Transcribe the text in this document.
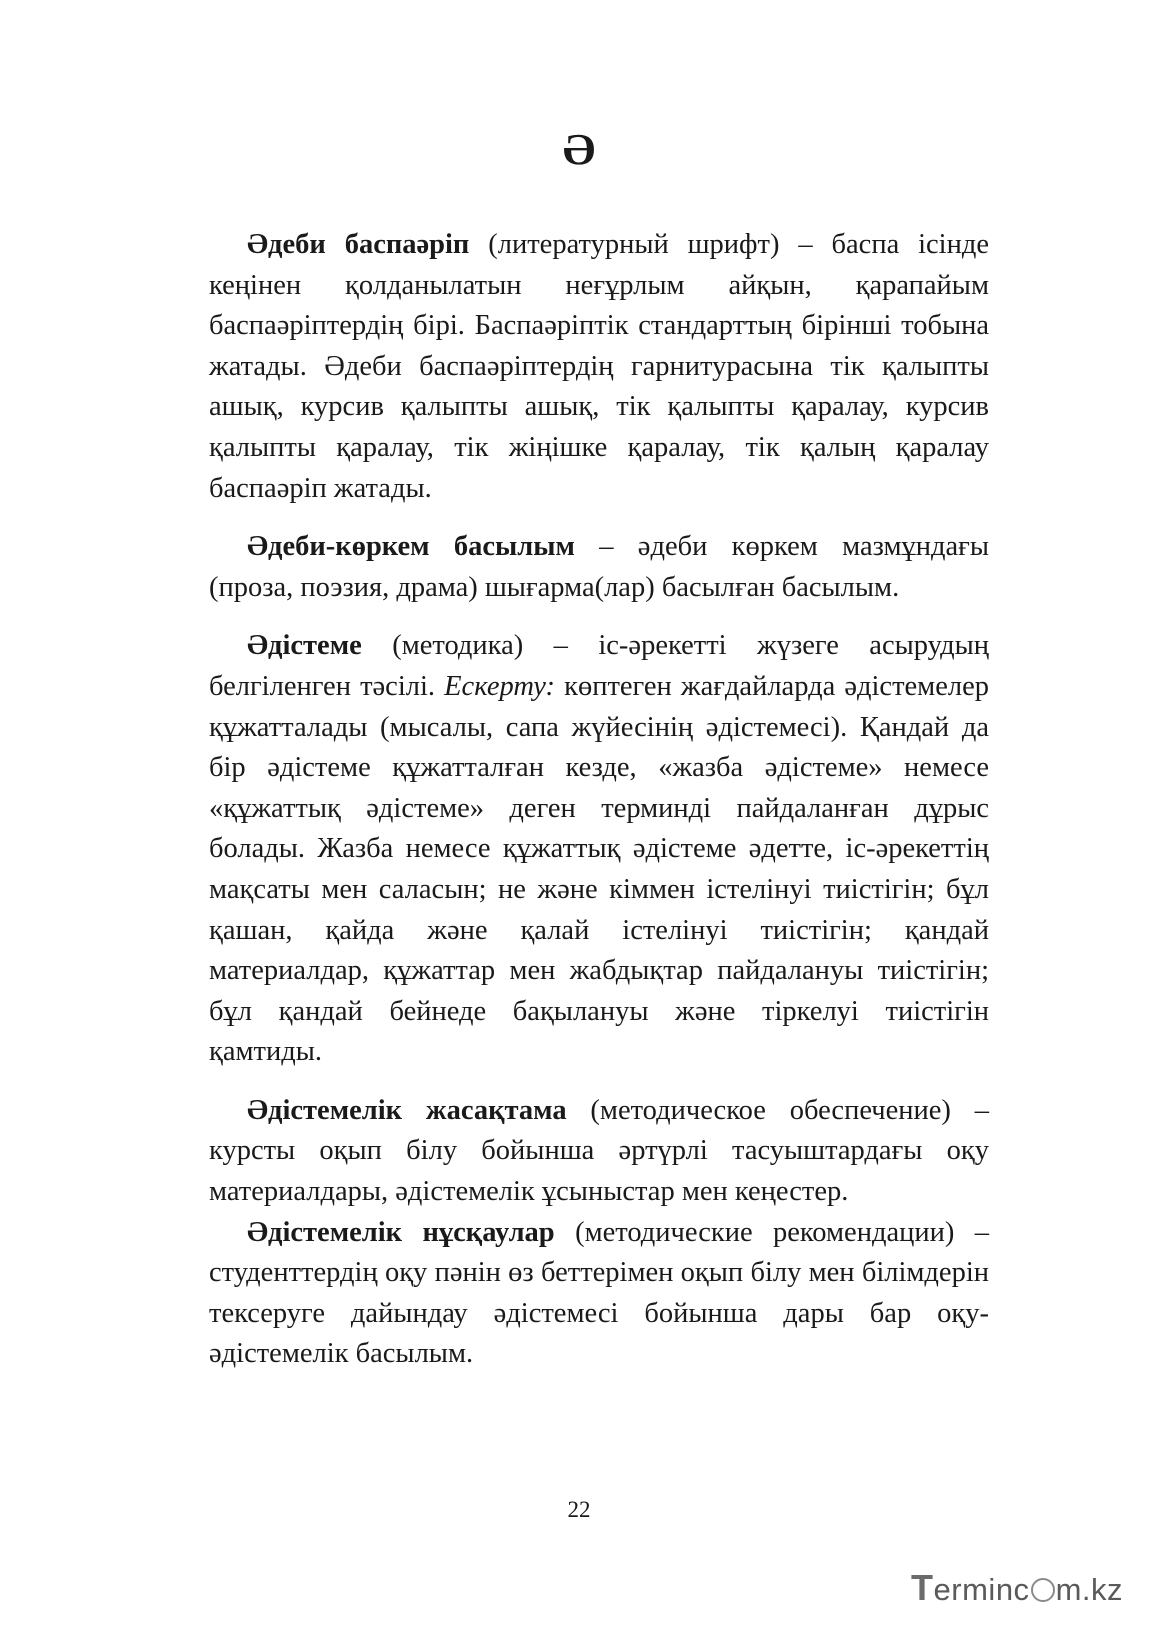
Ә

Әдеби баспаәріп (литературный шрифт) – баспа ісінде кеңінен қолданылатын неғұрлым айқын, қарапайым баспаәріптердің бірі. Баспаәріптік стандарттың бірінші тобына жатады. Әдеби баспаәріптердің гарнитурасына тік қалыпты ашық, курсив қалыпты ашық, тік қалыпты қаралау, курсив қалыпты қаралау, тік жіңішке қаралау, тік қалың қаралау баспаәріп жатады.

Әдеби-көркем басылым – әдеби көркем мазмұндағы (проза, поэзия, драма) шығарма(лар) басылған басылым.

Әдістеме (методика) – іс-әрекетті жүзеге асырудың белгіленген тәсілі. Ескерту: көптеген жағдайларда әдістемелер құжатталады (мысалы, сапа жүйесінің әдістемесі). Қандай да бір әдістеме құжатталған кезде, «жазба әдістеме» немесе «құжаттық әдістеме» деген терминді пайдаланған дұрыс болады. Жазба немесе құжаттық әдістеме әдетте, іс-әрекеттің мақсаты мен саласын; не және кіммен істелінуі тиістігін; бұл қашан, қайда және қалай істелінуі тиістігін; қандай материалдар, құжаттар мен жабдықтар пайдалануы тиістігін; бұл қандай бейнеде бақылануы және тіркелуі тиістігін қамтиды.

Әдістемелік жасақтама (методическое обеспечение) – курсты оқып білу бойынша әртүрлі тасуыштардағы оқу материалдары, әдістемелік ұсыныстар мен кеңестер.

Әдістемелік нұсқаулар (методические рекомендации) – студенттердің оқу пәнін өз беттерімен оқып білу мен білімдерін тексеруге дайындау әдістемесі бойынша дары бар оқу-әдістемелік басылым.

22
Terminc m.kz
